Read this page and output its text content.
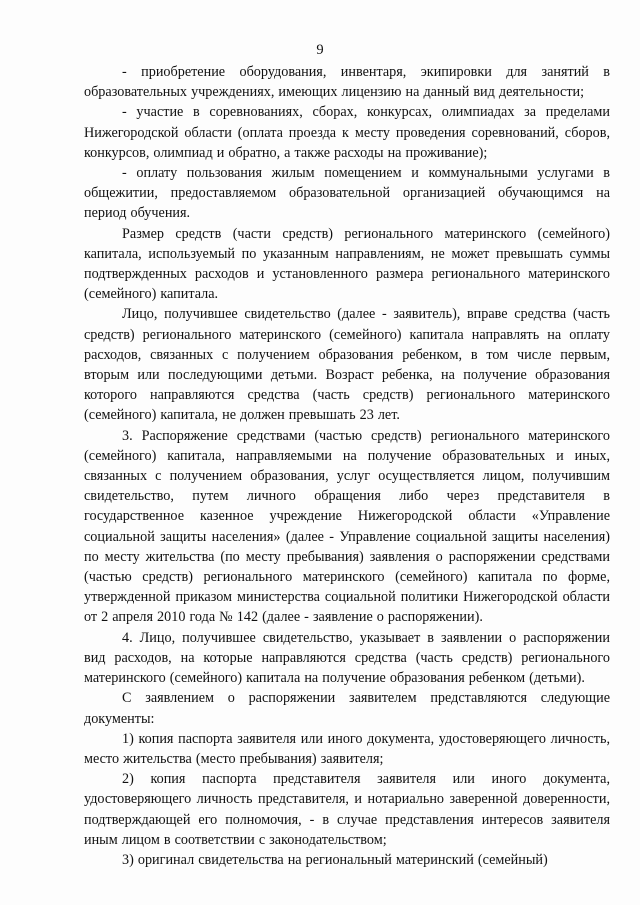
9

- приобретение оборудования, инвентаря, экипировки для занятий в образовательных учреждениях, имеющих лицензию на данный вид деятельности;

- участие в соревнованиях, сборах, конкурсах, олимпиадах за пределами Нижегородской области (оплата проезда к месту проведения соревнований, сборов, конкурсов, олимпиад и обратно, а также расходы на проживание);

- оплату пользования жилым помещением и коммунальными услугами в общежитии, предоставляемом образовательной организацией обучающимся на период обучения.

Размер средств (части средств) регионального материнского (семейного) капитала, используемый по указанным направлениям, не может превышать суммы подтвержденных расходов и установленного размера регионального материнского (семейного) капитала.

Лицо, получившее свидетельство (далее - заявитель), вправе средства (часть средств) регионального материнского (семейного) капитала направлять на оплату расходов, связанных с получением образования ребенком, в том числе первым, вторым или последующими детьми. Возраст ребенка, на получение образования которого направляются средства (часть средств) регионального материнского (семейного) капитала, не должен превышать 23 лет.

3. Распоряжение средствами (частью средств) регионального материнского (семейного) капитала, направляемыми на получение образовательных и иных, связанных с получением образования, услуг осуществляется лицом, получившим свидетельство, путем личного обращения либо через представителя в государственное казенное учреждение Нижегородской области «Управление социальной защиты населения» (далее - Управление социальной защиты населения) по месту жительства (по месту пребывания) заявления о распоряжении средствами (частью средств) регионального материнского (семейного) капитала по форме, утвержденной приказом министерства социальной политики Нижегородской области от 2 апреля 2010 года № 142 (далее - заявление о распоряжении).

4. Лицо, получившее свидетельство, указывает в заявлении о распоряжении вид расходов, на которые направляются средства (часть средств) регионального материнского (семейного) капитала на получение образования ребенком (детьми).

С заявлением о распоряжении заявителем представляются следующие документы:

1) копия паспорта заявителя или иного документа, удостоверяющего личность, место жительства (место пребывания) заявителя;

2) копия паспорта представителя заявителя или иного документа, удостоверяющего личность представителя, и нотариально заверенной доверенности, подтверждающей его полномочия, - в случае представления интересов заявителя иным лицом в соответствии с законодательством;

3) оригинал свидетельства на региональный материнский (семейный)
